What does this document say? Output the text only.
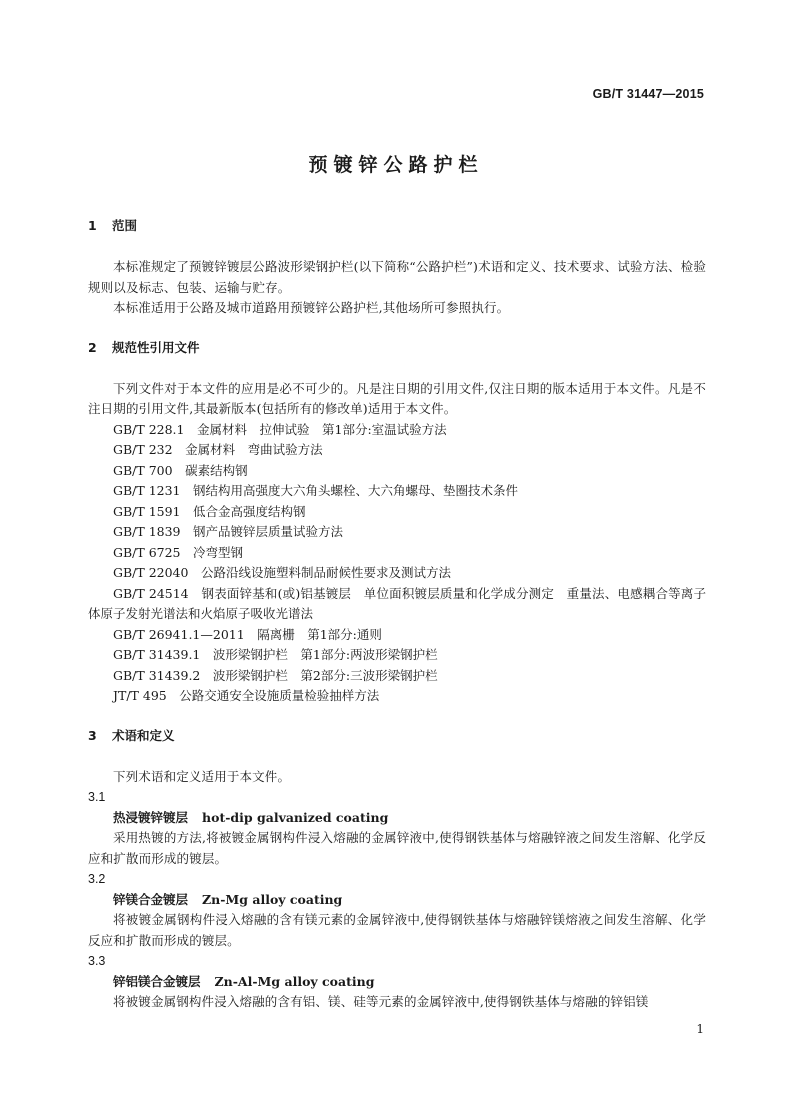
GB/T 31447—2015
预镀锌公路护栏
1 范围
本标准规定了预镀锌镀层公路波形梁钢护栏(以下简称“公路护栏”)术语和定义、技术要求、试验方法、检验规则以及标志、包装、运输与贮存。
本标准适用于公路及城市道路用预镀锌公路护栏,其他场所可参照执行。
2 规范性引用文件
下列文件对于本文件的应用是必不可少的。凡是注日期的引用文件,仅注日期的版本适用于本文件。凡是不注日期的引用文件,其最新版本(包括所有的修改单)适用于本文件。
GB/T 228.1　 金属材料　拉伸试验　第1部分:室温试验方法
GB/T 232　 金属材料　弯曲试验方法
GB/T 700　 碳素结构钢
GB/T 1231　 钢结构用高强度大六角头螺栓、大六角螺母、垫圈技术条件
GB/T 1591　 低合金高强度结构钢
GB/T 1839　 钢产品镀锌层质量试验方法
GB/T 6725　 冷弯型钢
GB/T 22040　 公路沿线设施塑料制品耐候性要求及测试方法
GB/T 24514　 钢表面锌基和(或)铝基镀层　单位面积镀层质量和化学成分测定　重量法、电感耦合等离子体原子发射光谱法和火焰原子吸收光谱法
GB/T 26941.1—2011　 隔离栅　第1部分:通则
GB/T 31439.1　 波形梁钢护栏　第1部分:两波形梁钢护栏
GB/T 31439.2　 波形梁钢护栏　第2部分:三波形梁钢护栏
JT/T 495　 公路交通安全设施质量检验抽样方法
3 术语和定义
下列术语和定义适用于本文件。
3.1
热浸镀锌镀层 hot-dip galvanized coating
采用热镀的方法,将被镀金属钢构件浸入熔融的金属锌液中,使得钢铁基体与熔融锌液之间发生溶解、化学反应和扩散而形成的镀层。
3.2
锌镁合金镀层 Zn-Mg alloy coating
将被镀金属钢构件浸入熔融的含有镁元素的金属锌液中,使得钢铁基体与熔融锌镁熔液之间发生溶解、化学反应和扩散而形成的镀层。
3.3
锌铝镁合金镀层 Zn-Al-Mg alloy coating
将被镀金属钢构件浸入熔融的含有铝、镁、硅等元素的金属锌液中,使得钢铁基体与熔融的锌铝镁
1
